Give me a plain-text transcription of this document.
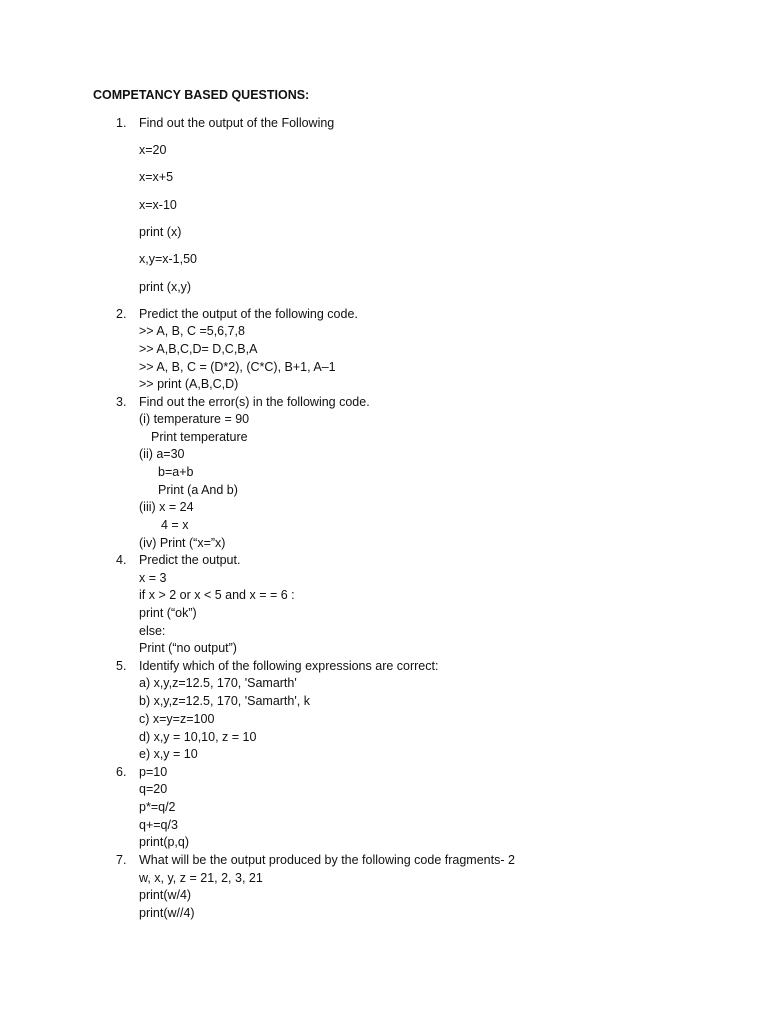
COMPETANCY BASED QUESTIONS:
1. Find out the output of the Following
x=20
x=x+5
x=x-10
print (x)
x,y=x-1,50
print (x,y)
2. Predict the output of the following code.
>> A, B, C =5,6,7,8
>> A,B,C,D= D,C,B,A
>> A, B, C = (D*2), (C*C), B+1, A–1
>> print (A,B,C,D)
3. Find out the error(s) in the following code.
(i) temperature = 90
Print temperature
(ii) a=30
b=a+b
Print (a And b)
(iii) x = 24
4 = x
(iv) Print (“x=”x)
4. Predict the output.
x = 3
if x > 2 or x < 5 and x = = 6 :
print (“ok”)
else:
Print (“no output”)
5. Identify which of the following expressions are correct:
a) x,y,z=12.5, 170, 'Samarth'
b) x,y,z=12.5, 170, 'Samarth', k
c) x=y=z=100
d) x,y = 10,10, z = 10
e) x,y = 10
6. p=10
q=20
p*=q/2
q+=q/3
print(p,q)
7. What will be the output produced by the following code fragments- 2
w, x, y, z = 21, 2, 3, 21
print(w/4)
print(w//4)
